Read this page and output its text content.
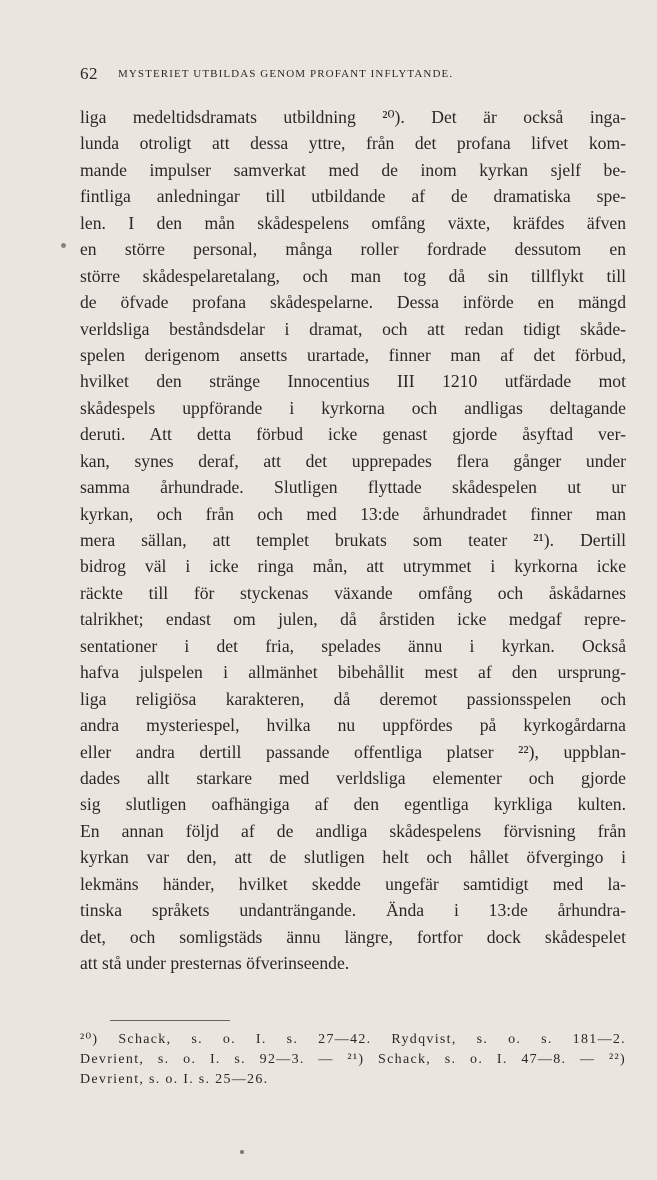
62 MYSTERIET UTBILDAS GENOM PROFANT INFLYTANDE.
liga medeltidsdramats utbildning ²⁰). Det är också inga-
lunda otroligt att dessa yttre, från det profana lifvet kom-
mande impulser samverkat med de inom kyrkan sjelf be-
fintliga anledningar till utbildande af de dramatiska spe-
len. I den mån skådespelens omfång växte, kräfdes äfven
en större personal, många roller fordrade dessutom en
större skådespelaretalang, och man tog då sin tillflykt till
de öfvade profana skådespelarne. Dessa införde en mängd
verldsliga beståndsdelar i dramat, och att redan tidigt skåde-
spelen derigenom ansetts urartade, finner man af det förbud,
hvilket den stränge Innocentius III 1210 utfärdade mot
skådespels uppförande i kyrkorna och andligas deltagande
deruti. Att detta förbud icke genast gjorde åsyftad ver-
kan, synes deraf, att det upprepades flera gånger under
samma århundrade. Slutligen flyttade skådespelen ut ur
kyrkan, och från och med 13:de århundradet finner man
mera sällan, att templet brukats som teater ²¹). Dertill
bidrog väl i icke ringa mån, att utrymmet i kyrkorna icke
räckte till för styckenas växande omfång och åskådarnes
talrikhet; endast om julen, då årstiden icke medgaf repre-
sentationer i det fria, spelades ännu i kyrkan. Också
hafva julspelen i allmänhet bibehållit mest af den ursprung-
liga religiösa karakteren, då deremot passionsspelen och
andra mysteriespel, hvilka nu uppfördes på kyrkogårdarna
eller andra dertill passande offentliga platser ²²), uppblan-
dades allt starkare med verldsliga elementer och gjorde
sig slutligen oafhängiga af den egentliga kyrkliga kulten.
En annan följd af de andliga skådespelens förvisning från
kyrkan var den, att de slutligen helt och hållet öfvergingo i
lekmäns händer, hvilket skedde ungefär samtidigt med la-
tinska språkets undanträngande. Ända i 13:de århundra-
det, och somligstäds ännu längre, fortfor dock skådespelet
att stå under presternas öfverinseende.
²⁰) Schack, s. o. I. s. 27—42. Rydqvist, s. o. s. 181—2.
Devrient, s. o. I. s. 92—3. — ²¹) Schack, s. o. I. 47—8. — ²²)
Devrient, s. o. I. s. 25—26.
